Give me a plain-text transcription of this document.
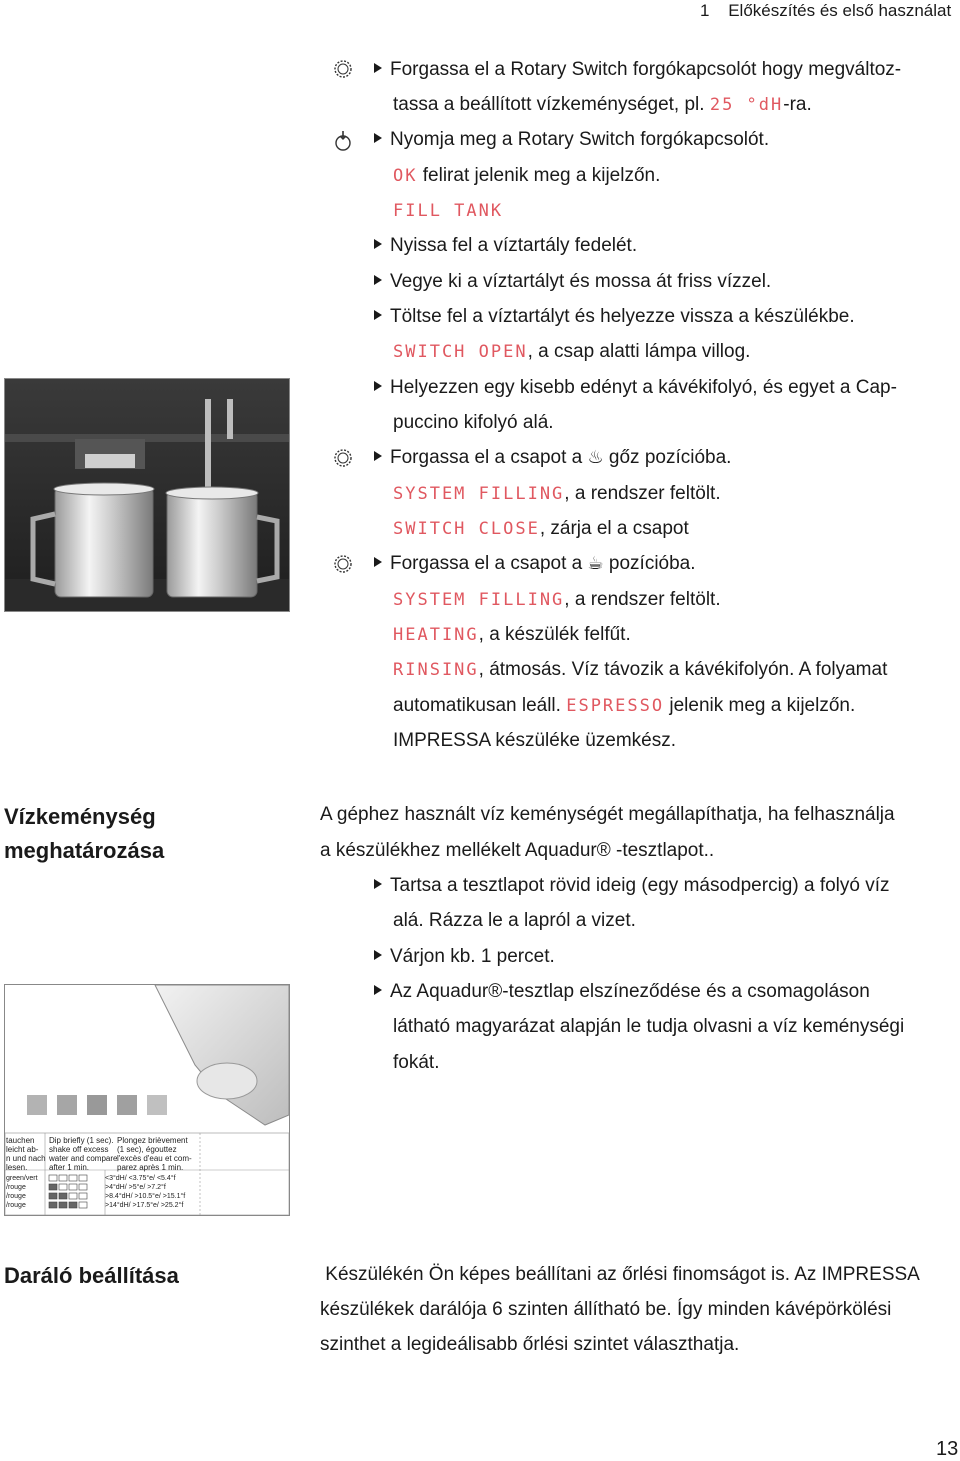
1 Előkészítés és első használat
Forgassa el a Rotary Switch forgókapcsolót hogy megváltoz-
tassa a beállított vízkeménységet, pl. 25 °dH-ra.
Nyomja meg a Rotary Switch forgókapcsolót.
OK felirat jelenik meg a kijelzőn.
FILL TANK
Nyissa fel a víztartály fedelét.
Vegye ki a víztartályt és mossa át friss vízzel.
Töltse fel a víztartályt és helyezze vissza a készülékbe.
SWITCH OPEN, a csap alatti lámpa villog.
Helyezzen egy kisebb edényt a kávékifolyó, és egyet a Cap-
puccino kifolyó alá.
Forgassa el a csapot a ♨ gőz pozícióba.
SYSTEM FILLING, a rendszer feltölt.
SWITCH CLOSE, zárja el a csapot
Forgassa el a csapot a ☕ pozícióba.
SYSTEM FILLING, a rendszer feltölt.
HEATING, a készülék felfűt.
RINSING, átmosás. Víz távozik a kávékifolyón. A folyamat
automatikusan leáll. ESPRESSO jelenik meg a kijelzőn.
IMPRESSA készüléke üzemkész.
Vízkeménység
meghatározása
A géphez használt víz keménységét megállapíthatja, ha felhasználja
a készülékhez mellékelt Aquadur® -tesztlapot..
Tartsa a tesztlapot rövid ideig (egy másodpercig) a folyó víz
alá. Rázza le a lapról a vizet.
Várjon kb. 1 percet.
Az Aquadur®-tesztlap elszíneződése és a csomagoláson
látható magyarázat alapján le tudja olvasni a víz keménységi
fokát.
tauchen
leicht ab-
n und nach
lesen.
Dip briefly (1 sec).
shake off excess
water and compare
after 1 min.
Plongez brièvement
(1 sec), égouttez
l'excès d'eau et com-
parez après 1 min.
green/vert
/rouge
/rouge
/rouge
<3°dH/ <3.75°e/ <5.4°f
>4°dH/ >5°e/ >7.2°f
>8.4°dH/ >10.5°e/ >15.1°f
>14°dH/ >17.5°e/ >25.2°f
Daráló beállítása	Készülékén Ön képes beállítani az őrlési finomságot is. Az IMPRESSA
készülékek darálója 6 szinten állítható be. Így minden kávépörkölési
szinthet a legideálisabb őrlési szintet választhatja.
13
